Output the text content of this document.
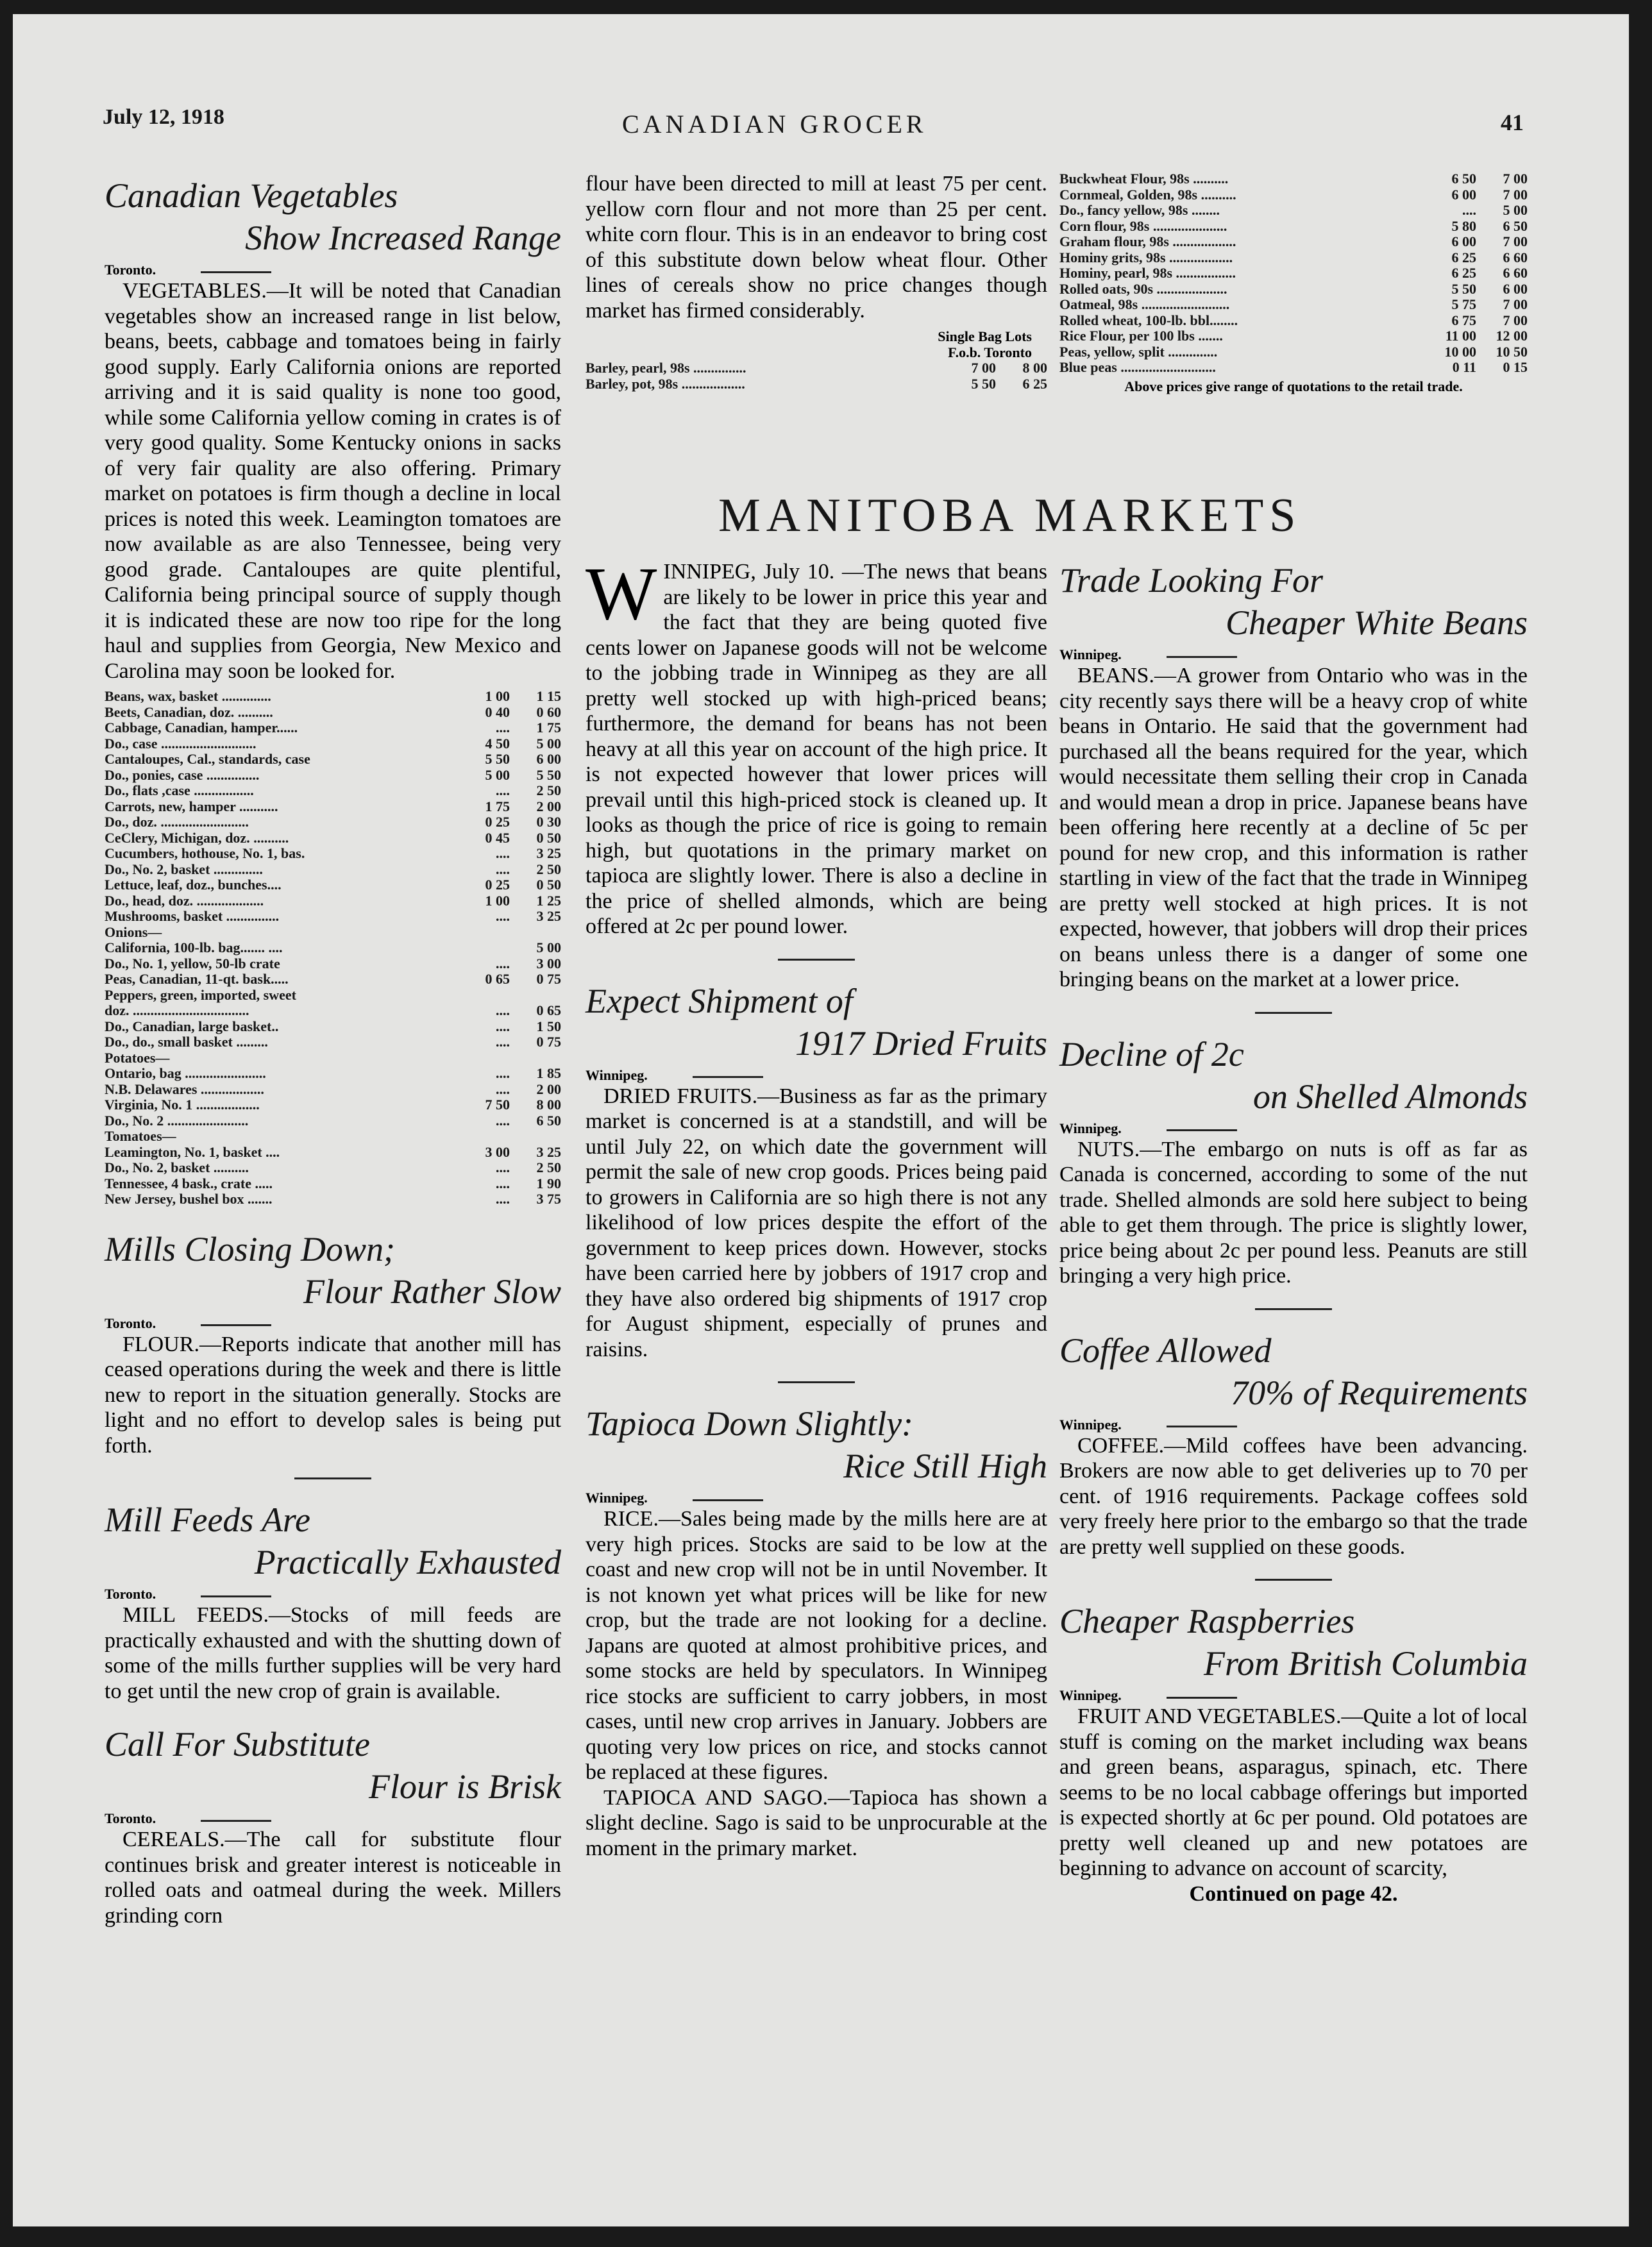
July 12, 1918	CANADIAN GROCER	41
Canadian Vegetables
Show Increased Range
Toronto.

VEGETABLES.—It will be noted that Canadian vegetables show an increased range in list below, beans, beets, cabbage and tomatoes being in fairly good supply. Early California onions are reported arriving and it is said quality is none too good, while some California yellow coming in crates is of very good quality. Some Kentucky onions in sacks of very fair quality are also offering. Primary market on potatoes is firm though a decline in local prices is noted this week. Leamington tomatoes are now available as are also Tennessee, being very good grade. Cantaloupes are quite plentiful, California being principal source of supply though it is indicated these are now too ripe for the long haul and supplies from Georgia, New Mexico and Carolina may soon be looked for.

Beans, wax, basket ..............	1 00	1 15
Beets, Canadian, doz. ..........	0 40	0 60
Cabbage, Canadian, hamper......	....	1 75
Do., case ...........................	4 50	5 00
Cantaloupes, Cal., standards, case	5 50	6 00
Do., ponies, case ...............	5 00	5 50
Do., flats ,case .................	....	2 50
Carrots, new, hamper ...........	1 75	2 00
Do., doz. .........................	0 25	0 30
CeClery, Michigan, doz. ..........	0 45	0 50
Cucumbers, hothouse, No. 1, bas.	....	3 25
Do., No. 2, basket ..............	....	2 50
Lettuce, leaf, doz., bunches....	0 25	0 50
Do., head, doz. ...................	1 00	1 25
Mushrooms, basket ...............	....	3 25
Onions—		
California, 100-lb. bag....... ....		5 00
Do., No. 1, yellow, 50-lb crate	....	3 00
Peas, Canadian, 11-qt. bask.....	0 65	0 75
Peppers, green, imported, sweet		
doz. .................................	....	0 65
Do., Canadian, large basket..	....	1 50
Do., do., small basket .........	....	0 75
Potatoes—		
Ontario, bag .......................	....	1 85
N.B. Delawares ..................	....	2 00
Virginia, No. 1 ..................	7 50	8 00
Do., No. 2 .......................	....	6 50
Tomatoes—		
Leamington, No. 1, basket ....	3 00	3 25
Do., No. 2, basket ..........	....	2 50
Tennessee, 4 bask., crate .....	....	1 90
New Jersey, bushel box .......	....	3 75
Mills Closing Down;
Flour Rather Slow
Toronto.

FLOUR.—Reports indicate that another mill has ceased operations during the week and there is little new to report in the situation generally. Stocks are light and no effort to develop sales is being put forth.

Mill Feeds Are
Practically Exhausted
Toronto.

MILL FEEDS.—Stocks of mill feeds are practically exhausted and with the shutting down of some of the mills further supplies will be very hard to get until the new crop of grain is available.

Call For Substitute
Flour is Brisk
Toronto.

CEREALS.—The call for substitute flour continues brisk and greater interest is noticeable in rolled oats and oatmeal during the week. Millers grinding corn

flour have been directed to mill at least 75 per cent. yellow corn flour and not more than 25 per cent. white corn flour. This is in an endeavor to bring cost of this substitute down below wheat flour. Other lines of cereals show no price changes though market has firmed considerably.

Single Bag Lots
F.o.b. Toronto
Barley, pearl, 98s ...............	7 00	8 00
Barley, pot, 98s ..................	5 50	6 25
Buckwheat Flour, 98s ..........	6 50	7 00
Cornmeal, Golden, 98s ..........	6 00	7 00
Do., fancy yellow, 98s ........	....	5 00
Corn flour, 98s .....................	5 80	6 50
Graham flour, 98s ..................	6 00	7 00
Hominy grits, 98s ..................	6 25	6 60
Hominy, pearl, 98s .................	6 25	6 60
Rolled oats, 90s ....................	5 50	6 00
Oatmeal, 98s .........................	5 75	7 00
Rolled wheat, 100-lb. bbl........	6 75	7 00
Rice Flour, per 100 lbs .......	11 00	12 00
Peas, yellow, split ..............	10 00	10 50
Blue peas ...........................	0 11	0 15
Above prices give range of quotations to the retail trade.
MANITOBA MARKETS
WINNIPEG, July 10. —The news that beans are likely to be lower in price this year and the fact that they are being quoted five cents lower on Japanese goods will not be welcome to the jobbing trade in Winnipeg as they are all pretty well stocked up with high-priced beans; furthermore, the demand for beans has not been heavy at all this year on account of the high price. It is not expected however that lower prices will prevail until this high-priced stock is cleaned up. It looks as though the price of rice is going to remain high, but quotations in the primary market on tapioca are slightly lower. There is also a decline in the price of shelled almonds, which are being offered at 2c per pound lower.
Expect Shipment of
1917 Dried Fruits
Winnipeg.

DRIED FRUITS.—Business as far as the primary market is concerned is at a standstill, and will be until July 22, on which date the government will permit the sale of new crop goods. Prices being paid to growers in California are so high there is not any likelihood of low prices despite the effort of the government to keep prices down. However, stocks have been carried here by jobbers of 1917 crop and they have also ordered big shipments of 1917 crop for August shipment, especially of prunes and raisins.

Tapioca Down Slightly:
Rice Still High
Winnipeg.

RICE.—Sales being made by the mills here are at very high prices. Stocks are said to be low at the coast and new crop will not be in until November. It is not known yet what prices will be like for new crop, but the trade are not looking for a decline. Japans are quoted at almost prohibitive prices, and some stocks are held by speculators. In Winnipeg rice stocks are sufficient to carry jobbers, in most cases, until new crop arrives in January. Jobbers are quoting very low prices on rice, and stocks cannot be replaced at these figures.

TAPIOCA AND SAGO.—Tapioca has shown a slight decline. Sago is said to be unprocurable at the moment in the primary market.

Trade Looking For
Cheaper White Beans
Winnipeg.

BEANS.—A grower from Ontario who was in the city recently says there will be a heavy crop of white beans in Ontario. He said that the government had purchased all the beans required for the year, which would necessitate them selling their crop in Canada and would mean a drop in price. Japanese beans have been offering here recently at a decline of 5c per pound for new crop, and this information is rather startling in view of the fact that the trade in Winnipeg are pretty well stocked at high prices. It is not expected, however, that jobbers will drop their prices on beans unless there is a danger of some one bringing beans on the market at a lower price.

Decline of 2c
on Shelled Almonds
Winnipeg.

NUTS.—The embargo on nuts is off as far as Canada is concerned, according to some of the nut trade. Shelled almonds are sold here subject to being able to get them through. The price is slightly lower, price being about 2c per pound less. Peanuts are still bringing a very high price.

Coffee Allowed
70% of Requirements
Winnipeg.

COFFEE.—Mild coffees have been advancing. Brokers are now able to get deliveries up to 70 per cent. of 1916 requirements. Package coffees sold very freely here prior to the embargo so that the trade are pretty well supplied on these goods.

Cheaper Raspberries
From British Columbia
Winnipeg.

FRUIT AND VEGETABLES.—Quite a lot of local stuff is coming on the market including wax beans and green beans, asparagus, spinach, etc. There seems to be no local cabbage offerings but imported is expected shortly at 6c per pound. Old potatoes are pretty well cleaned up and new potatoes are beginning to advance on account of scarcity,

Continued on page 42.
